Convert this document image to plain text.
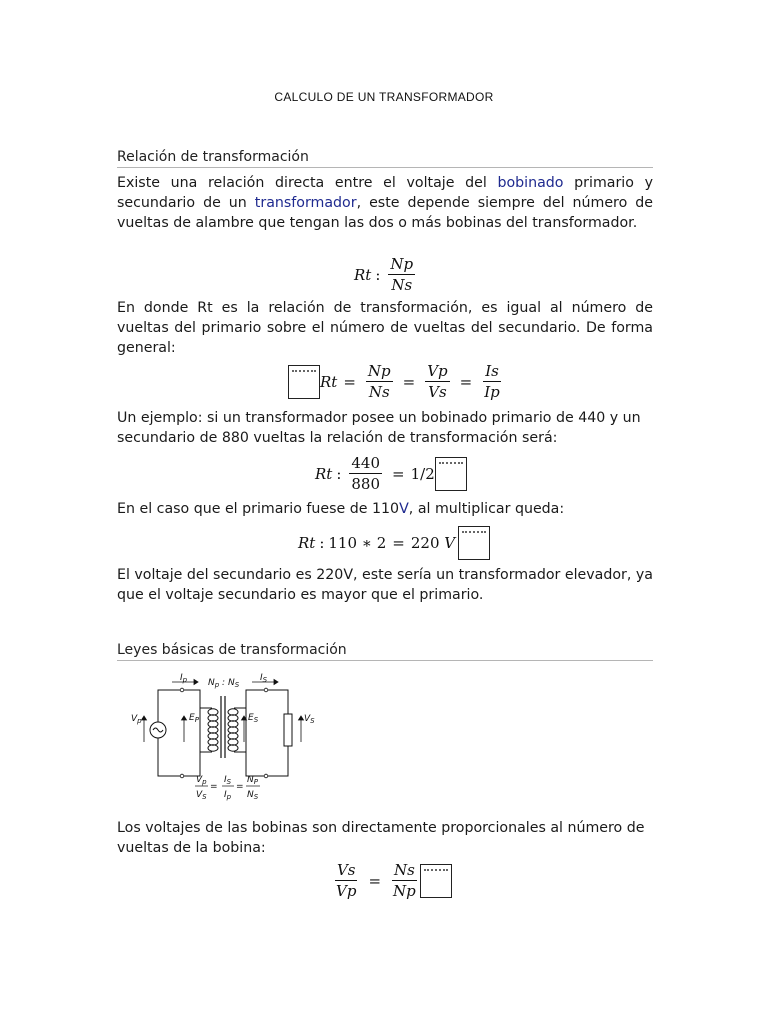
CALCULO DE UN TRANSFORMADOR
Relación de transformación
Existe una relación directa entre el voltaje del bobinado primario y secundario de un transformador, este depende siempre del número de vueltas de alambre que tengan las dos o más bobinas del transformador.
Rt : $\frac{Np}{Ns}$
En donde Rt es la relación de transformación, es igual al número de vueltas del primario sobre el número de vueltas del secundario. De forma general:
$Rt = \frac{Np}{Ns} = \frac{Vp}{Vs} = \frac{Is}{Ip}$
Un ejemplo: si un transformador posee un bobinado primario de 440 y un secundario de 880 vueltas la relación de transformación será:
Rt : $\frac{440}{880} = 1/2$
En el caso que el primario fuese de 110V, al multiplicar queda:
Rt : 110 ∗ 2 = 220
V
El voltaje del secundario es 220V, este sería un transformador elevador, ya que el voltaje secundario es mayor que el primario.
Leyes básicas de transformación
$I_p$ $N_p$ : $N_S$
$I_S$
$V_p$	$E_P$	$E_S$	$V_S$
$V_p$
$V_S$
=
$I_S$
$I_p$
=
$N_P$
$N_S$
Los voltajes de las bobinas son directamente proporcionales al número de vueltas de la bobina:
$\frac{Vs}{Vp} = \frac{Ns}{Np}$
